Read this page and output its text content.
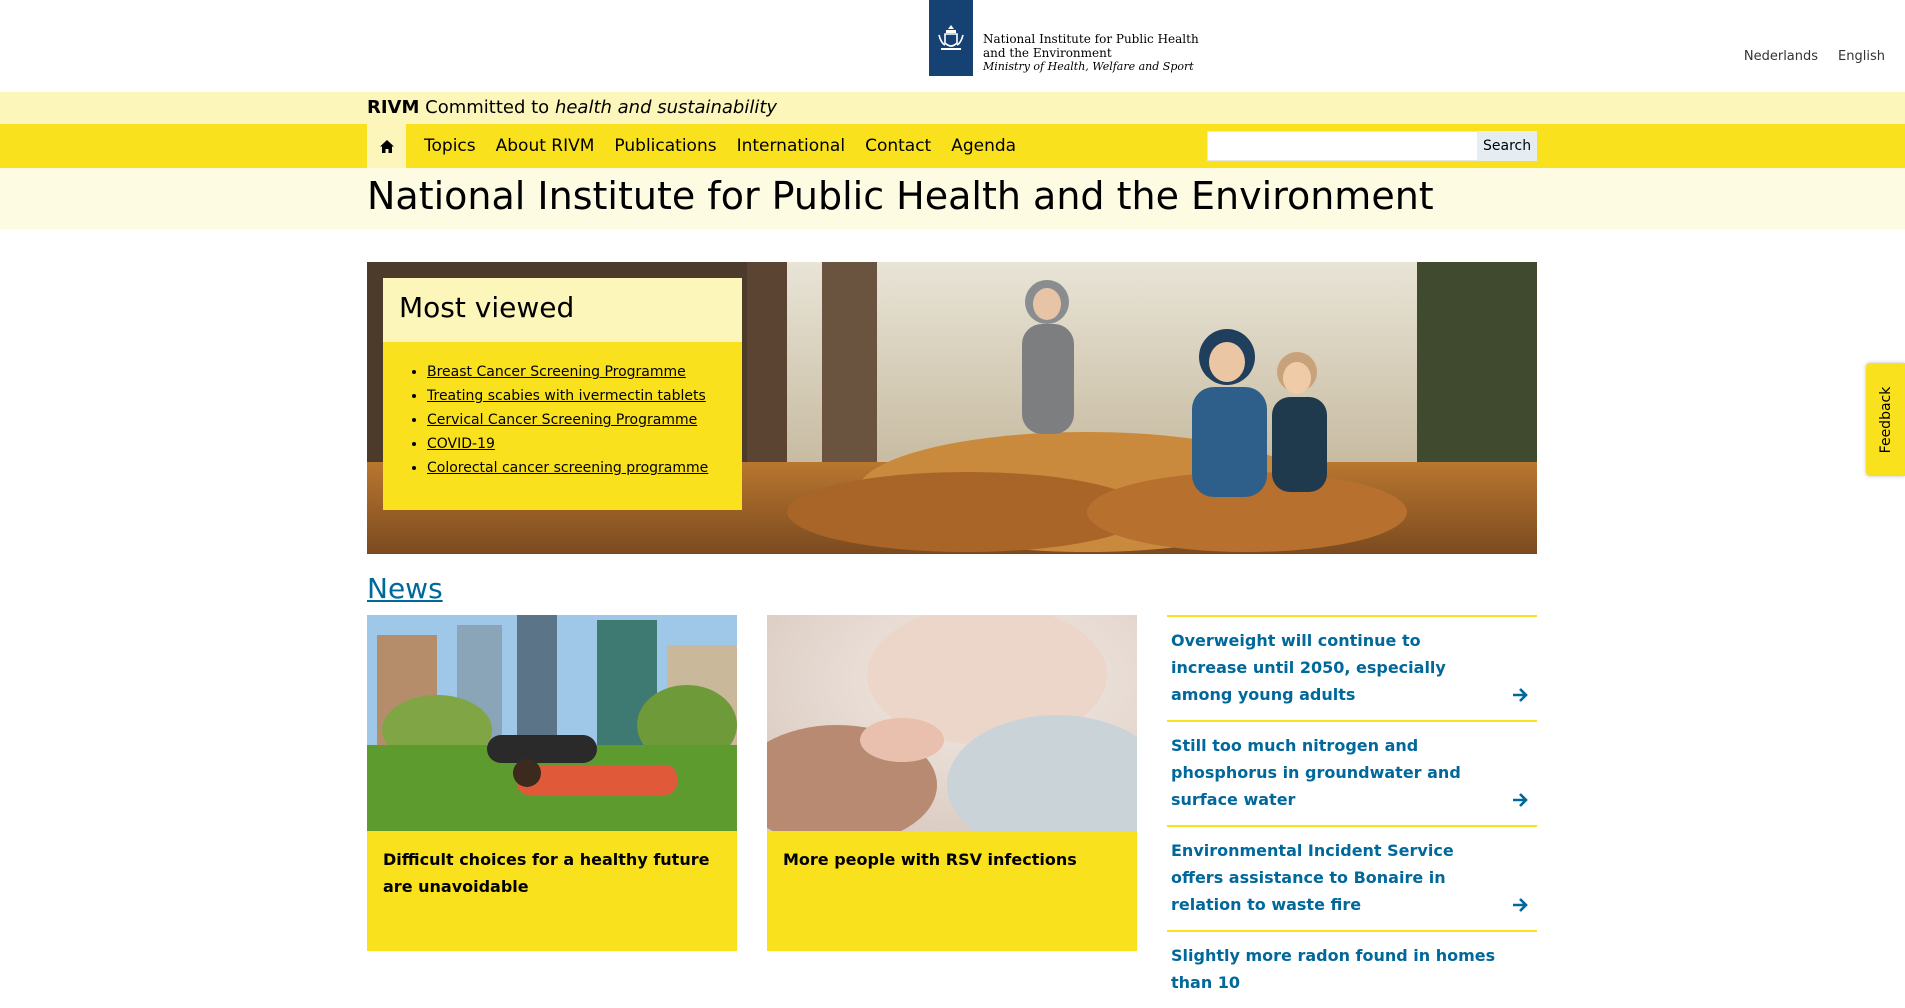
National Institute for Public Health
and the Environment
Ministry of Health, Welfare and Sport
Nederlands English
RIVM Committed to health and sustainability
Topics	About RIVM	Publications	International	Contact	Agenda	Search
National Institute for Public Health and the Environment
Most viewed
• Breast Cancer Screening Programme
• Treating scabies with ivermectin tablets
• Cervical Cancer Screening Programme
• COVID-19
• Colorectal cancer screening programme
News
Difficult choices for a healthy future are unavoidable
More people with RSV infections
Overweight will continue to increase until 2050, especially among young adults
Still too much nitrogen and phosphorus in groundwater and surface water
Environmental Incident Service offers assistance to Bonaire in relation to waste fire
Slightly more radon found in homes than 10
Feedback
